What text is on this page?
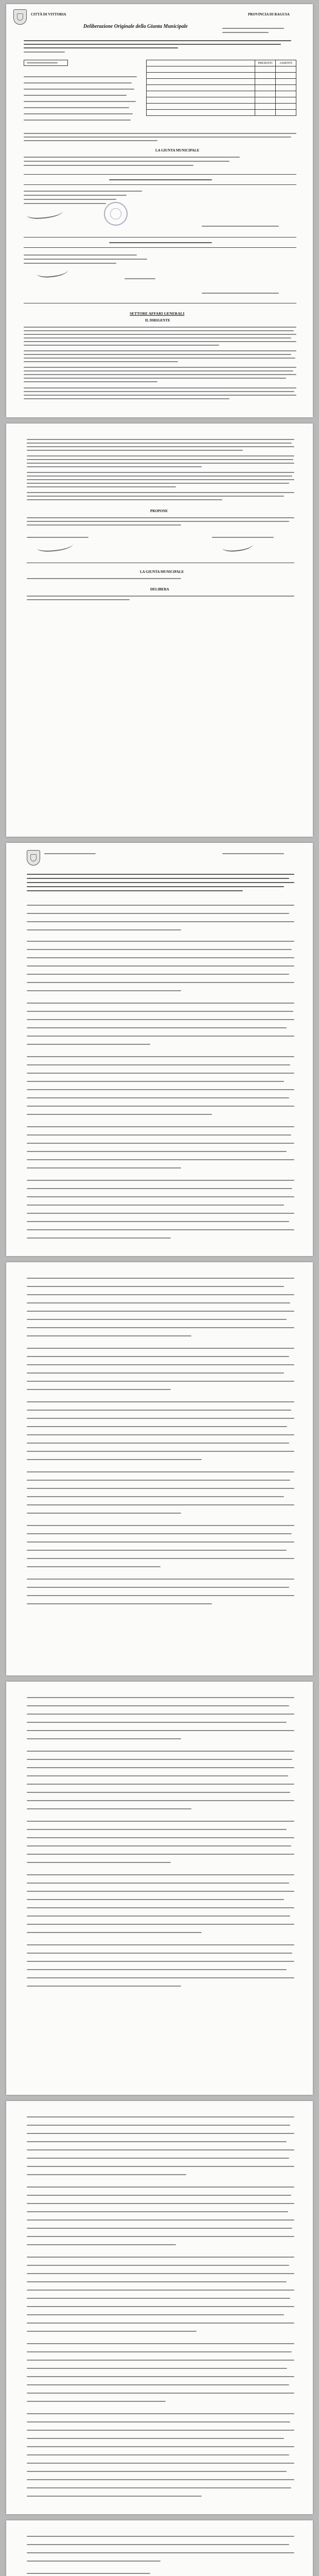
CITTÀ DI VITTORIA	PROVINCIA DI RAGUSA
Deliberazione Originale della Giunta Municipale
	PRESENTI	ASSENTI

LA GIUNTA MUNICIPALE
SETTORE AFFARI GENERALI
IL DIRIGENTE
PROPONE
LA GIUNTA MUNICIPALE
DELIBERA
